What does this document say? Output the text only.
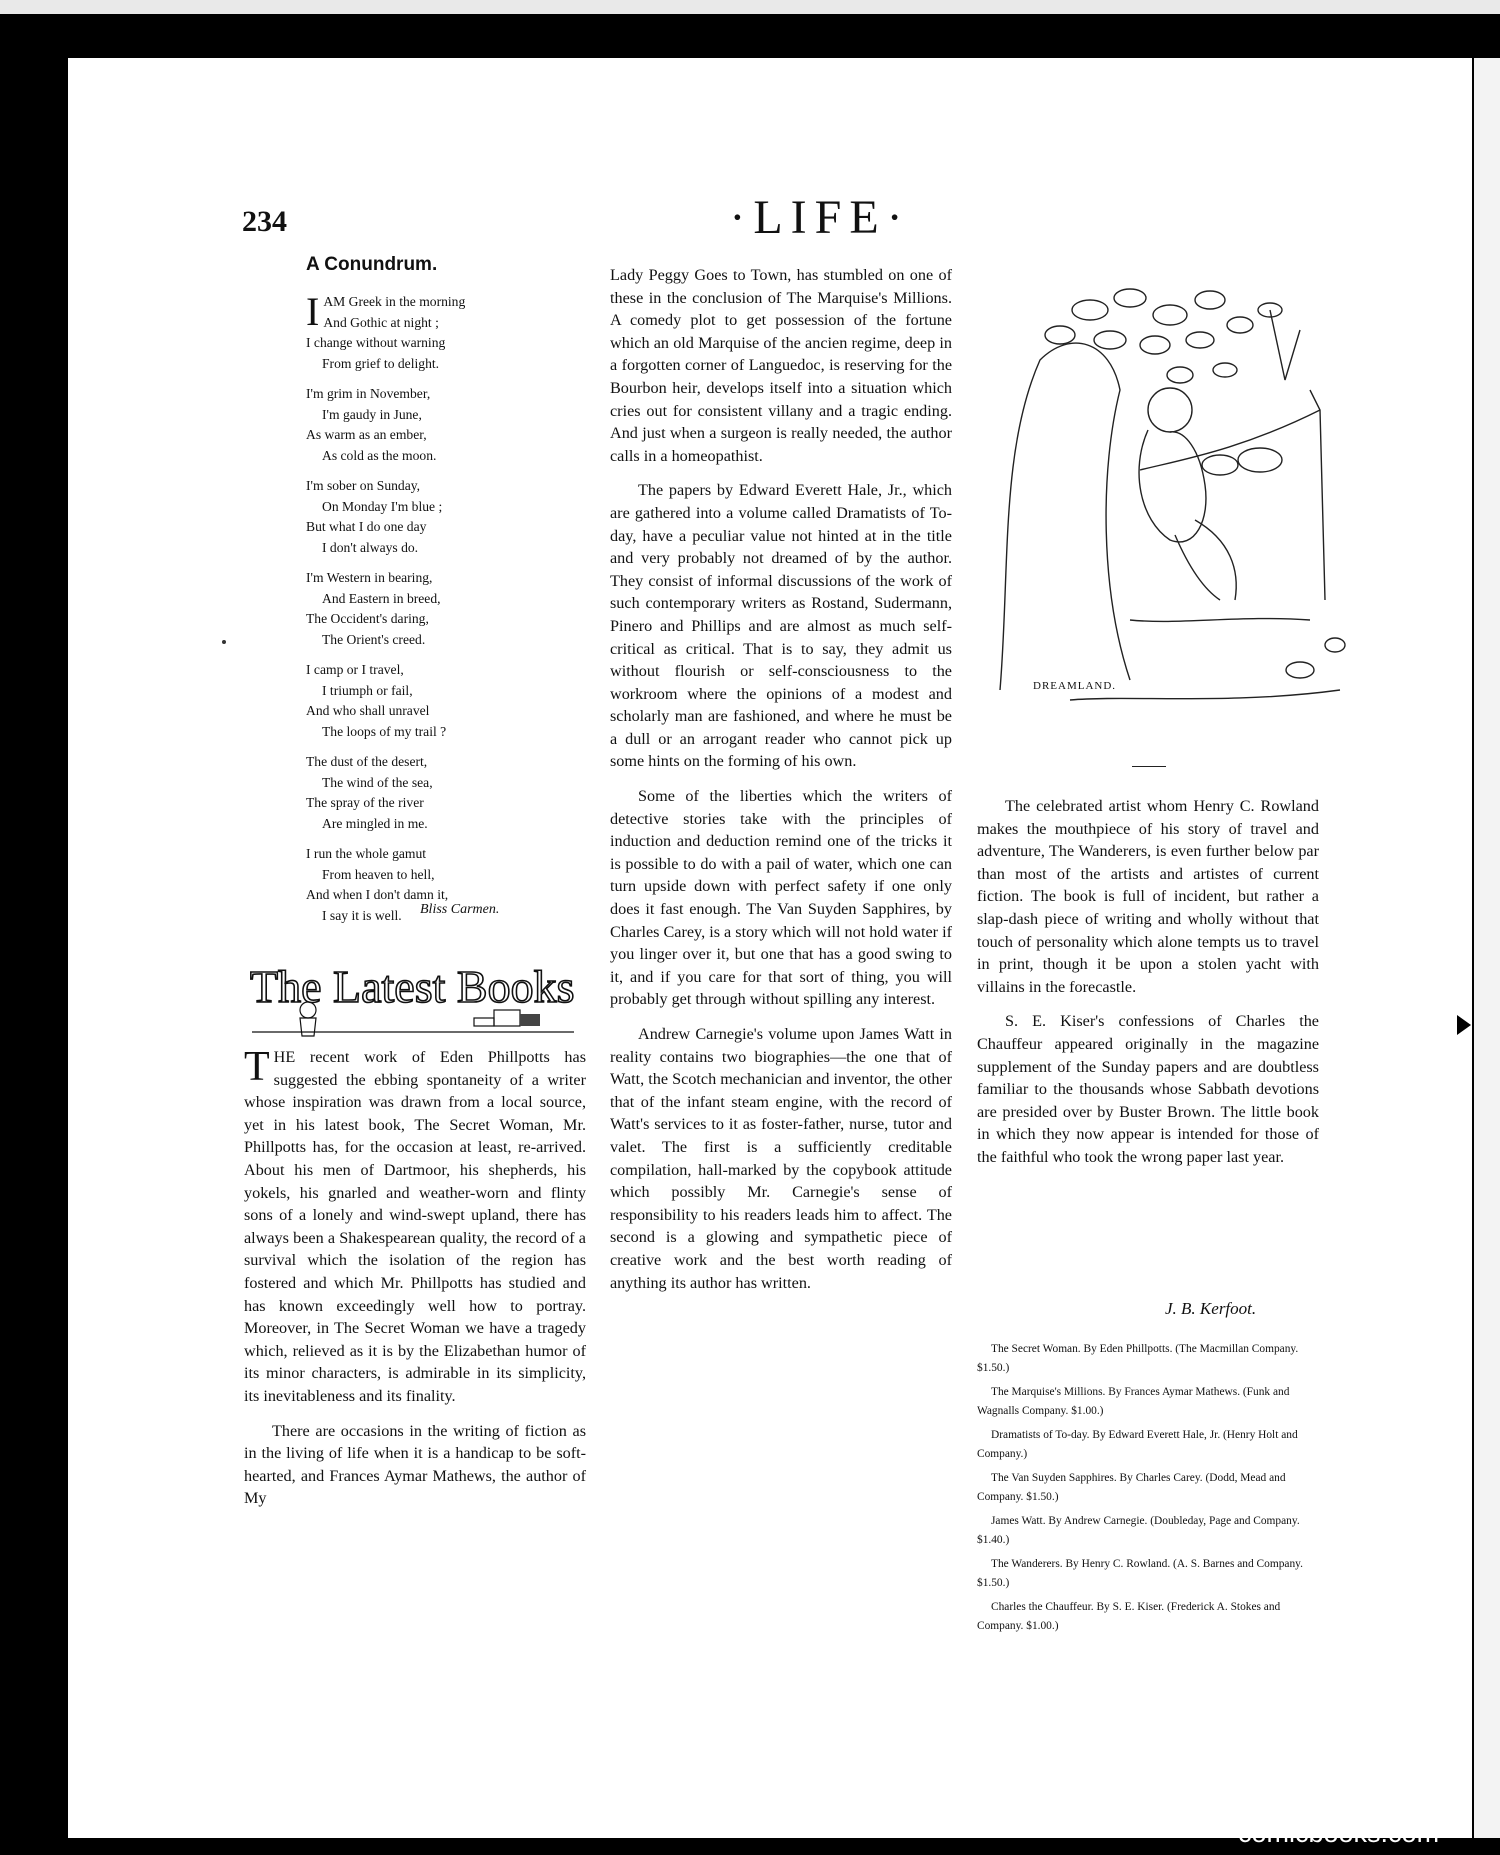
234	·LIFE·
A Conundrum.
I AM Greek in the morning
And Gothic at night ;
I change without warning
From grief to delight.
I'm grim in November,
I'm gaudy in June,
As warm as an ember,
As cold as the moon.
I'm sober on Sunday,
On Monday I'm blue ;
But what I do one day
I don't always do.
I'm Western in bearing,
And Eastern in breed,
The Occident's daring,
The Orient's creed.
I camp or I travel,
I triumph or fail,
And who shall unravel
The loops of my trail ?
The dust of the desert,
The wind of the sea,
The spray of the river
Are mingled in me.
I run the whole gamut
From heaven to hell,
And when I don't damn it,
I say it is well.	Bliss Carmen.
The Latest Books

THE recent work of Eden Phillpotts has suggested the ebbing spontaneity of a writer whose inspiration was drawn from a local source, yet in his latest book, The Secret Woman, Mr. Phillpotts has, for the occasion at least, re-arrived. About his men of Dartmoor, his shepherds, his yokels, his gnarled and weather-worn and flinty sons of a lonely and wind-swept upland, there has always been a Shakespearean quality, the record of a survival which the isolation of the region has fostered and which Mr. Phillpotts has studied and has known exceedingly well how to portray. Moreover, in The Secret Woman we have a tragedy which, relieved as it is by the Elizabethan humor of its minor characters, is admirable in its simplicity, its inevitableness and its finality.

There are occasions in the writing of fiction as in the living of life when it is a handicap to be soft-hearted, and Frances Aymar Mathews, the author of My

Lady Peggy Goes to Town, has stumbled on one of these in the conclusion of The Marquise's Millions. A comedy plot to get possession of the fortune which an old Marquise of the ancien regime, deep in a forgotten corner of Languedoc, is reserving for the Bourbon heir, develops itself into a situation which cries out for consistent villany and a tragic ending. And just when a surgeon is really needed, the author calls in a homeopathist.

The papers by Edward Everett Hale, Jr., which are gathered into a volume called Dramatists of To-day, have a peculiar value not hinted at in the title and very probably not dreamed of by the author. They consist of informal discussions of the work of such contemporary writers as Rostand, Sudermann, Pinero and Phillips and are almost as much self-critical as critical. That is to say, they admit us without flourish or self-consciousness to the workroom where the opinions of a modest and scholarly man are fashioned, and where he must be a dull or an arrogant reader who cannot pick up some hints on the forming of his own.

Some of the liberties which the writers of detective stories take with the principles of induction and deduction remind one of the tricks it is possible to do with a pail of water, which one can turn upside down with perfect safety if one only does it fast enough. The Van Suyden Sapphires, by Charles Carey, is a story which will not hold water if you linger over it, but one that has a good swing to it, and if you care for that sort of thing, you will probably get through without spilling any interest.

Andrew Carnegie's volume upon James Watt in reality contains two biographies—the one that of Watt, the Scotch mechanician and inventor, the other that of the infant steam engine, with the record of Watt's services to it as foster-father, nurse, tutor and valet. The first is a sufficiently creditable compilation, hall-marked by the copybook attitude which possibly Mr. Carnegie's sense of responsibility to his readers leads him to affect. The second is a glowing and sympathetic piece of creative work and the best worth reading of anything its author has written.

DREAMLAND.

The celebrated artist whom Henry C. Rowland makes the mouthpiece of his story of travel and adventure, The Wanderers, is even further below par than most of the artists and artistes of current fiction. The book is full of incident, but rather a slap-dash piece of writing and wholly without that touch of personality which alone tempts us to travel in print, though it be upon a stolen yacht with villains in the forecastle.

S. E. Kiser's confessions of Charles the Chauffeur appeared originally in the magazine supplement of the Sunday papers and are doubtless familiar to the thousands whose Sabbath devotions are presided over by Buster Brown. The little book in which they now appear is intended for those of the faithful who took the wrong paper last year.

J. B. Kerfoot.
The Secret Woman. By Eden Phillpotts. (The Macmillan Company. $1.50.)
The Marquise's Millions. By Frances Aymar Mathews. (Funk and Wagnalls Company. $1.00.)
Dramatists of To-day. By Edward Everett Hale, Jr. (Henry Holt and Company.)
The Van Suyden Sapphires. By Charles Carey. (Dodd, Mead and Company. $1.50.)
James Watt. By Andrew Carnegie. (Doubleday, Page and Company. $1.40.)
The Wanderers. By Henry C. Rowland. (A. S. Barnes and Company. $1.50.)
Charles the Chauffeur. By S. E. Kiser. (Frederick A. Stokes and Company. $1.00.)
comicbooks.com
